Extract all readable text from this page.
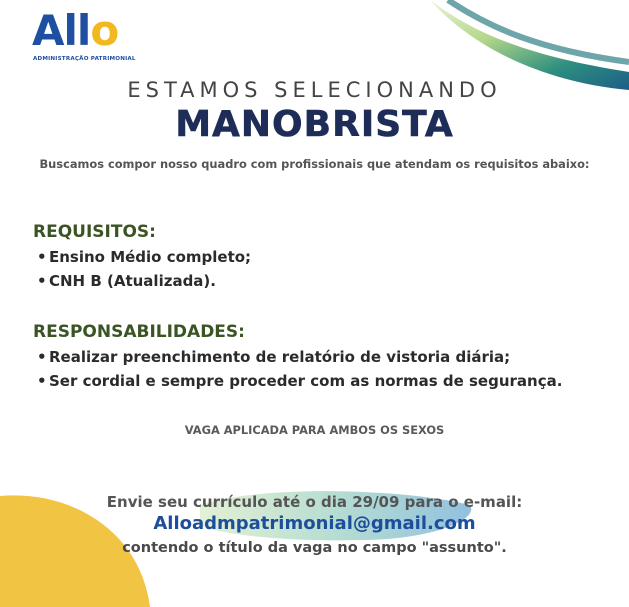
Allo
ADMINISTRAÇÃO PATRIMONIAL
ESTAMOS SELECIONANDO
MANOBRISTA
Buscamos compor nosso quadro com profissionais que atendam os requisitos abaixo:
REQUISITOS:
• Ensino Médio completo;
• CNH B (Atualizada).
RESPONSABILIDADES:
• Realizar preenchimento de relatório de vistoria diária;
• Ser cordial e sempre proceder com as normas de segurança.
VAGA APLICADA PARA AMBOS OS SEXOS
Envie seu currículo até o dia 29/09 para o e-mail:
Alloadmpatrimonial@gmail.com
contendo o título da vaga no campo "assunto".
